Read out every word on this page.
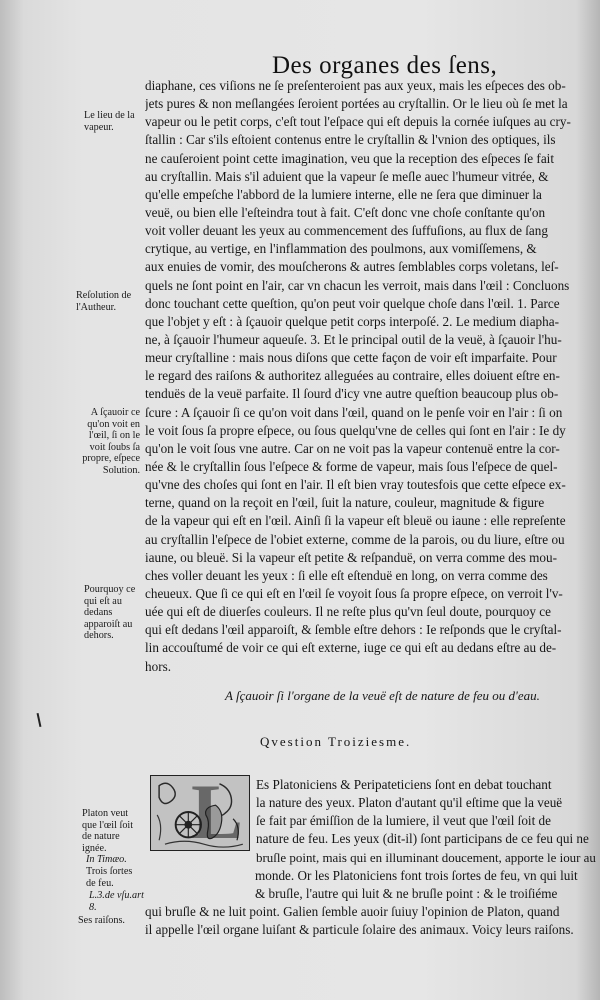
Des organes des ſens,
Le lieu de la vapeur.
Reſolution de l'Autheur.
A ſçauoir ce qu'on voit en l'œil, ſi on le voit ſoubs ſa propre, eſpece Solution.
Pourquoy ce qui eſt au dedans apparoiſt au dehors.
Platon veut que l'œil ſoit de nature ignée.
In Timæo.
Trois ſortes de feu.
L.3.de vſu.art 8.
Ses raiſons.
diaphane, ces viſions ne ſe preſenteroient pas aux yeux, mais les eſpeces des ob-
jets pures & non meſlangées ſeroient portées au cryſtallin. Or le lieu où ſe met la
vapeur ou le petit corps, c'eſt tout l'eſpace qui eſt depuis la cornée iuſques au cry-
ſtallin : Car s'ils eſtoient contenus entre le cryſtallin & l'vnion des optiques, ils
ne cauſeroient point cette imagination, veu que la reception des eſpeces ſe fait
au cryſtallin. Mais s'il aduient que la vapeur ſe meſle auec l'humeur vitrée, &
qu'elle empeſche l'abbord de la lumiere interne, elle ne ſera que diminuer la
veuë, ou bien elle l'eſteindra tout à fait. C'eſt donc vne choſe conſtante qu'on
voit voller deuant les yeux au commencement des ſuffuſions, au flux de ſang
crytique, au vertige, en l'inflammation des poulmons, aux vomiſſemens, &
aux enuies de vomir, des mouſcherons & autres ſemblables corps voletans, leſ-
quels ne ſont point en l'air, car vn chacun les verroit, mais dans l'œil : Concluons
donc touchant cette queſtion, qu'on peut voir quelque choſe dans l'œil. 1. Parce
que l'objet y eſt : à ſçauoir quelque petit corps interpoſé. 2. Le medium diapha-
ne, à ſçauoir l'humeur aqueuſe. 3. Et le principal outil de la veuë, à ſçauoir l'hu-
meur cryſtalline : mais nous diſons que cette façon de voir eſt imparfaite. Pour
le regard des raiſons & authoritez alleguées au contraire, elles doiuent eſtre en-
tenduës de la veuë parfaite. Il ſourd d'icy vne autre queſtion beaucoup plus ob-
ſcure : A ſçauoir ſi ce qu'on voit dans l'œil, quand on le penſe voir en l'air : ſi on
le voit ſous ſa propre eſpece, ou ſous quelqu'vne de celles qui ſont en l'air : Ie dy
qu'on le voit ſous vne autre. Car on ne voit pas la vapeur contenuë entre la cor-
née & le cryſtallin ſous l'eſpece & forme de vapeur, mais ſous l'eſpece de quel-
qu'vne des choſes qui ſont en l'air. Il eſt bien vray toutesfois que cette eſpece ex-
terne, quand on la reçoit en l'œil, ſuit la nature, couleur, magnitude & figure
de la vapeur qui eſt en l'œil. Ainſi ſi la vapeur eſt bleuë ou iaune : elle repreſente
au cryſtallin l'eſpece de l'obiet externe, comme de la parois, ou du liure, eſtre ou
iaune, ou bleuë. Si la vapeur eſt petite & reſpanduë, on verra comme des mou-
ches voller deuant les yeux : ſi elle eſt eſtenduë en long, on verra comme des
cheueux. Que ſi ce qui eſt en l'œil ſe voyoit ſous ſa propre eſpece, on verroit l'v-
uée qui eſt de diuerſes couleurs. Il ne reſte plus qu'vn ſeul doute, pourquoy ce
qui eſt dedans l'œil apparoiſt, & ſemble eſtre dehors : Ie reſponds que le cryſtal-
lin accouſtumé de voir ce qui eſt externe, iuge ce qui eſt au dedans eſtre au de-
hors.
A ſçauoir ſi l'organe de la veuë eſt de nature de feu ou d'eau.
Qvestion Troiziesme.
L Es Platoniciens & Peripateticiens ſont en debat touchant
la nature des yeux. Platon d'autant qu'il eſtime que la veuë
ſe fait par émiſſion de la lumiere, il veut que l'œil ſoit de
nature de feu. Les yeux (dit-il) ſont participans de ce feu qui ne
bruſle point, mais qui en illuminant doucement, apporte le iour au
monde. Or les Platoniciens font trois ſortes de feu, vn qui luit
& bruſle, l'autre qui luit & ne bruſle point : & le troiſiéme
qui bruſle & ne luit point. Galien ſemble auoir ſuiuy l'opinion de Platon, quand
il appelle l'œil organe luiſant & particule ſolaire des animaux. Voicy leurs raiſons.
